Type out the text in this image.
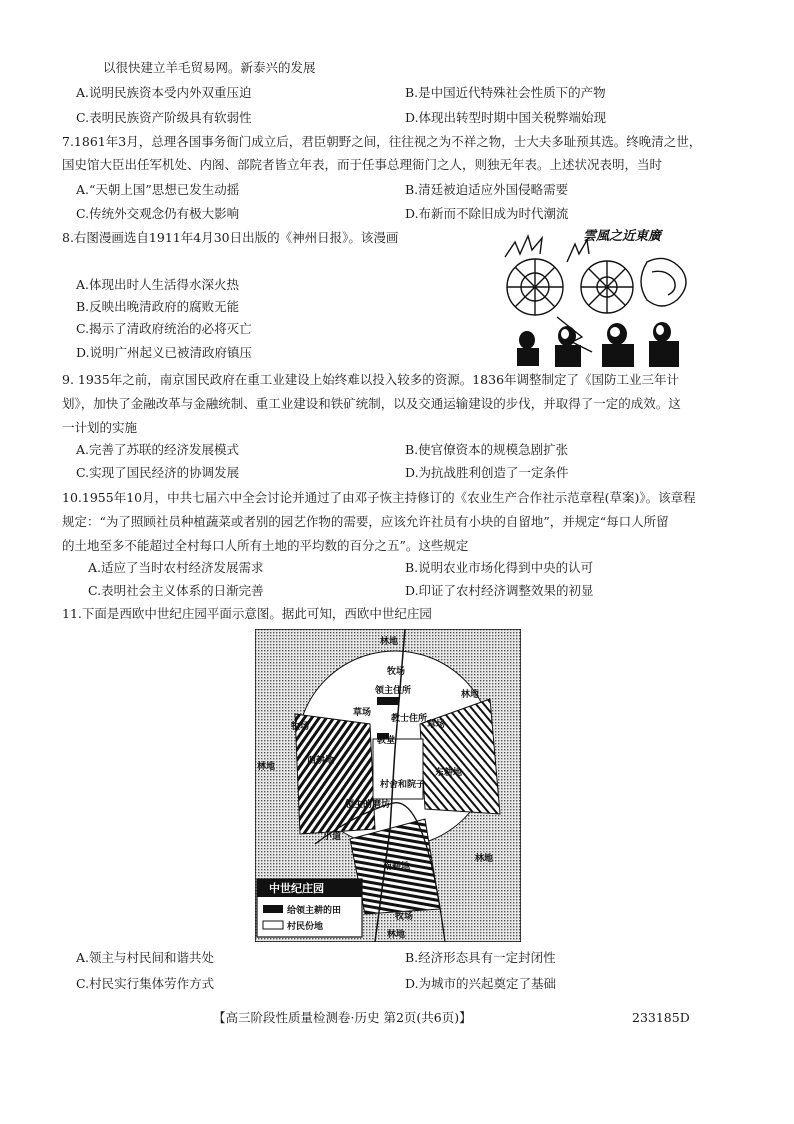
以很快建立羊毛贸易网。新泰兴的发展
A.说明民族资本受内外双重压迫	B.是中国近代特殊社会性质下的产物
C.表明民族资产阶级具有软弱性	D.体现出转型时期中国关税弊端始现
7.1861年3月，总理各国事务衙门成立后，君臣朝野之间，往往视之为不祥之物，士大夫多耻预其选。终晚清之世，
国史馆大臣出任军机处、内阁、部院者皆立年表，而于任事总理衙门之人，则独无年表。上述状况表明，当时
A.“天朝上国”思想已发生动摇	B.清廷被迫适应外国侵略需要
C.传统外交观念仍有极大影响	D.布新而不除旧成为时代潮流
8.右图漫画选自1911年4月30日出版的《神州日报》。该漫画
A.体现出时人生活得水深火热
B.反映出晚清政府的腐败无能
C.揭示了清政府统治的必将灭亡
D.说明广州起义已被清政府镇压
雲風之近東廣
9. 1935年之前，南京国民政府在重工业建设上始终难以投入较多的资源。1836年调整制定了《国防工业三年计
划》，加快了金融改革与金融统制、重工业建设和铁矿统制，以及交通运输建设的步伐，并取得了一定的成效。这
一计划的实施
A.完善了苏联的经济发展模式	B.使官僚资本的规模急剧扩张
C.实现了国民经济的协调发展	D.为抗战胜利创造了一定条件
10.1955年10月，中共七届六中全会讨论并通过了由邓子恢主持修订的《农业生产合作社示范章程(草案)》。该章程
规定：“为了照顾社员种植蔬菜或者别的园艺作物的需要，应该允许社员有小块的自留地”，并规定“每口人所留
的土地至多不能超过全村每口人所有土地的平均数的百分之五”。这些规定
A.适应了当时农村经济发展需求	B.说明农业市场化得到中央的认可
C.表明社会主义体系的日渐完善	D.印证了农村经济调整效果的初显
11.下面是西欧中世纪庄园平面示意图。据此可知，西欧中世纪庄园
林地
牧场
领主住所
教士住所
教堂
林地
草场
草场
牧场
林地
西耕地
东耕地
村舍和院子
领主的磨坊
小道
南耕地
林地
牧场
林地
中世纪庄园
给领主耕的田
村民份地
A.领主与村民间和谐共处	B.经济形态具有一定封闭性
C.村民实行集体劳作方式	D.为城市的兴起奠定了基础
【高三阶段性质量检测卷·历史 第2页(共6页)】	233185D
